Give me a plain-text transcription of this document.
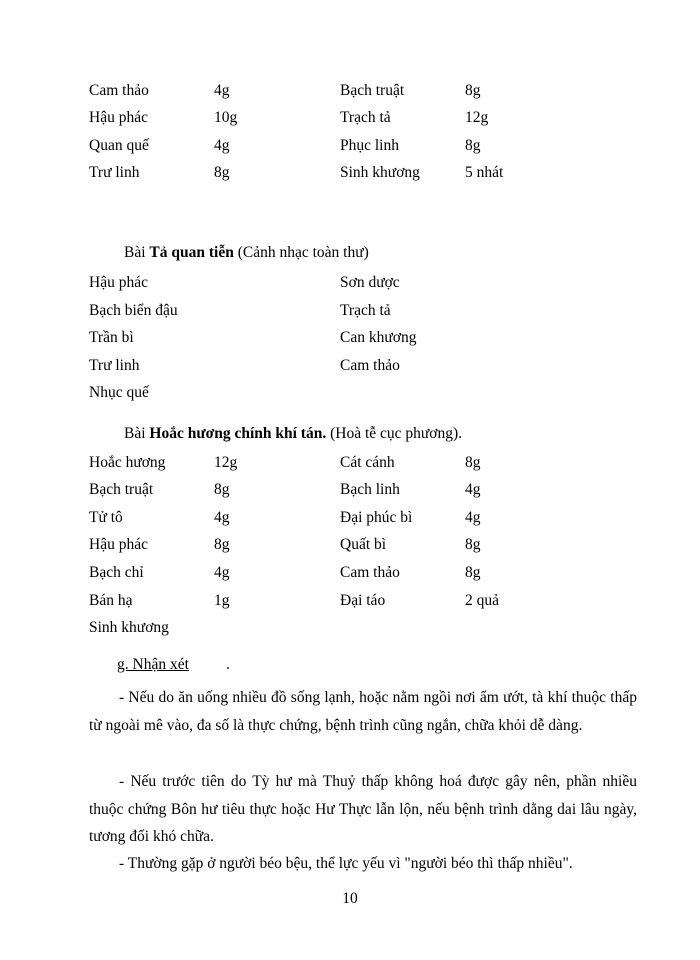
Cam thảo	4g	Bạch truật	8g
Hậu phác	10g	Trạch tả	12g
Quan quế	4g	Phục linh	8g
Trư linh	8g	Sinh khương	5 nhát
Bài Tả quan tiễn (Cảnh nhạc toàn thư)
Hậu phác	Sơn dược
Bạch biển đậu	Trạch tả
Trần bì	Can khương
Trư linh	Cam thảo
Nhục quế
Bài Hoắc hương chính khí tán. (Hoà tễ cục phương).
Hoắc hương	12g	Cát cánh	8g
Bạch truật	8g	Bạch linh	4g
Tử tô	4g	Đại phúc bì	4g
Hậu phác	8g	Quất bì	8g
Bạch chỉ	4g	Cam thảo	8g
Bán hạ	1g	Đại táo	2 quả
Sinh khương
g. Nhận xét .
- Nếu do ăn uống nhiều đồ sống lạnh, hoặc nằm ngồi nơi ẩm ướt, tà khí thuộc thấp từ ngoài mê vào, đa số là thực chứng, bệnh trình cũng ngắn, chữa khỏi dễ dàng.
- Nếu trước tiên do Tỳ hư mà Thuỷ thấp không hoá được gây nên, phần nhiều thuộc chứng Bôn hư tiêu thực hoặc Hư Thực lẫn lộn, nếu bệnh trình dằng dai lâu ngày, tương đối khó chữa.
- Thường gặp ở người béo bệu, thể lực yếu vì "người béo thì thấp nhiều".
10
